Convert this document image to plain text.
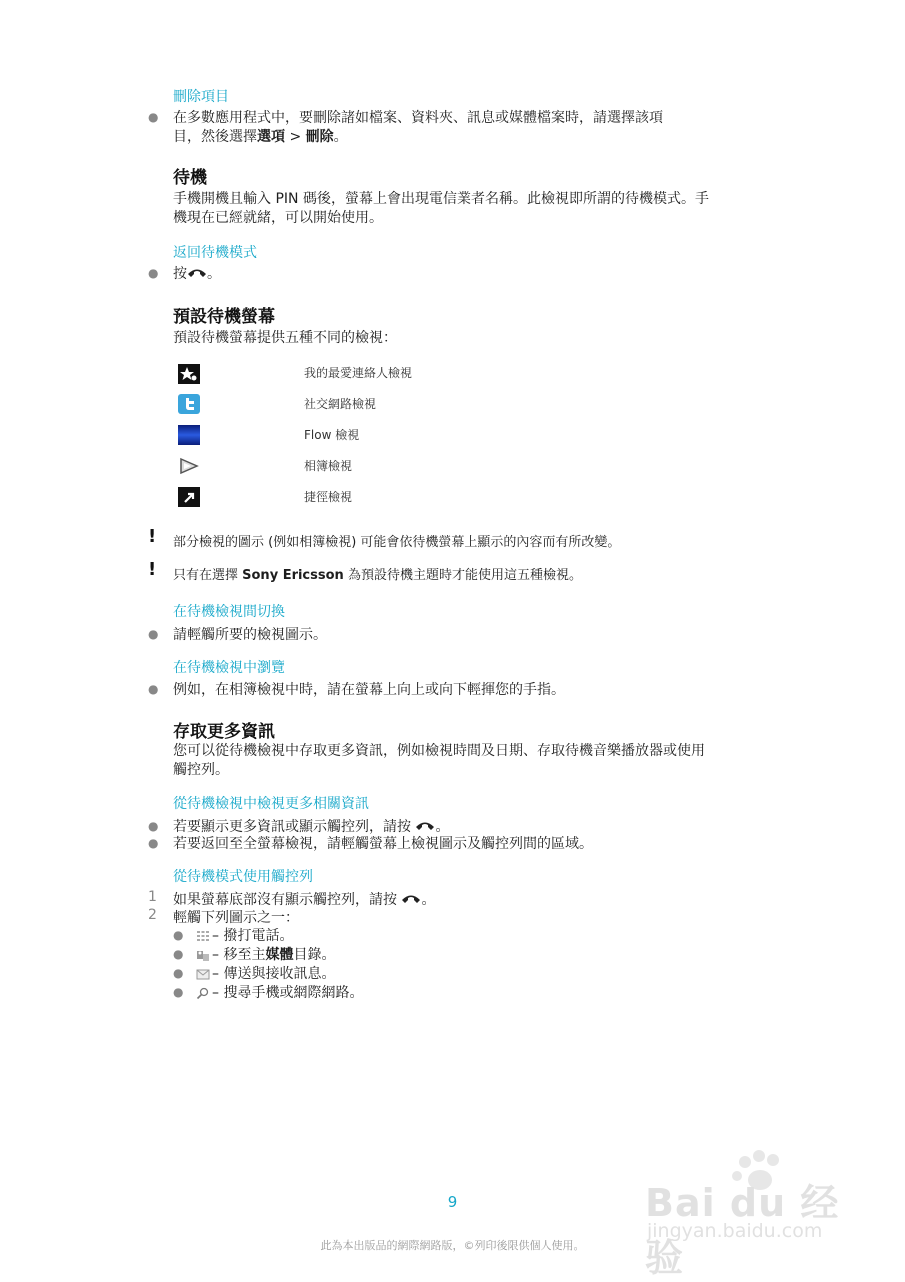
刪除項目
● 在多數應用程式中，要刪除諸如檔案、資料夾、訊息或媒體檔案時，請選擇該項
目，然後選擇選項 > 刪除。
待機
手機開機且輸入 PIN 碼後，螢幕上會出現電信業者名稱。此檢視即所謂的待機模式。手
機現在已經就緒，可以開始使用。
返回待機模式
● 按 。
預設待機螢幕
預設待機螢幕提供五種不同的檢視：
我的最愛連絡人檢視
社交網路檢視
Flow 檢視
相簿檢視
捷徑檢視
! 部分檢視的圖示 (例如相簿檢視) 可能會依待機螢幕上顯示的內容而有所改變。
! 只有在選擇 Sony Ericsson 為預設待機主題時才能使用這五種檢視。
在待機檢視間切換
● 請輕觸所要的檢視圖示。
在待機檢視中瀏覽
● 例如，在相簿檢視中時，請在螢幕上向上或向下輕揮您的手指。
存取更多資訊
您可以從待機檢視中存取更多資訊，例如檢視時間及日期、存取待機音樂播放器或使用
觸控列。
從待機檢視中檢視更多相關資訊
● 若要顯示更多資訊或顯示觸控列，請按 。
● 若要返回至全螢幕檢視，請輕觸螢幕上檢視圖示及觸控列間的區域。
從待機模式使用觸控列
1 如果螢幕底部沒有顯示觸控列，請按 。
2 輕觸下列圖示之一：
●	– 撥打電話。
●	– 移至主媒體目錄。
●	– 傳送與接收訊息。
●	– 搜尋手機或網際網路。
9
此為本出版品的網際網路版，©列印後限供個人使用。
Bai du 经验
jingyan.baidu.com
